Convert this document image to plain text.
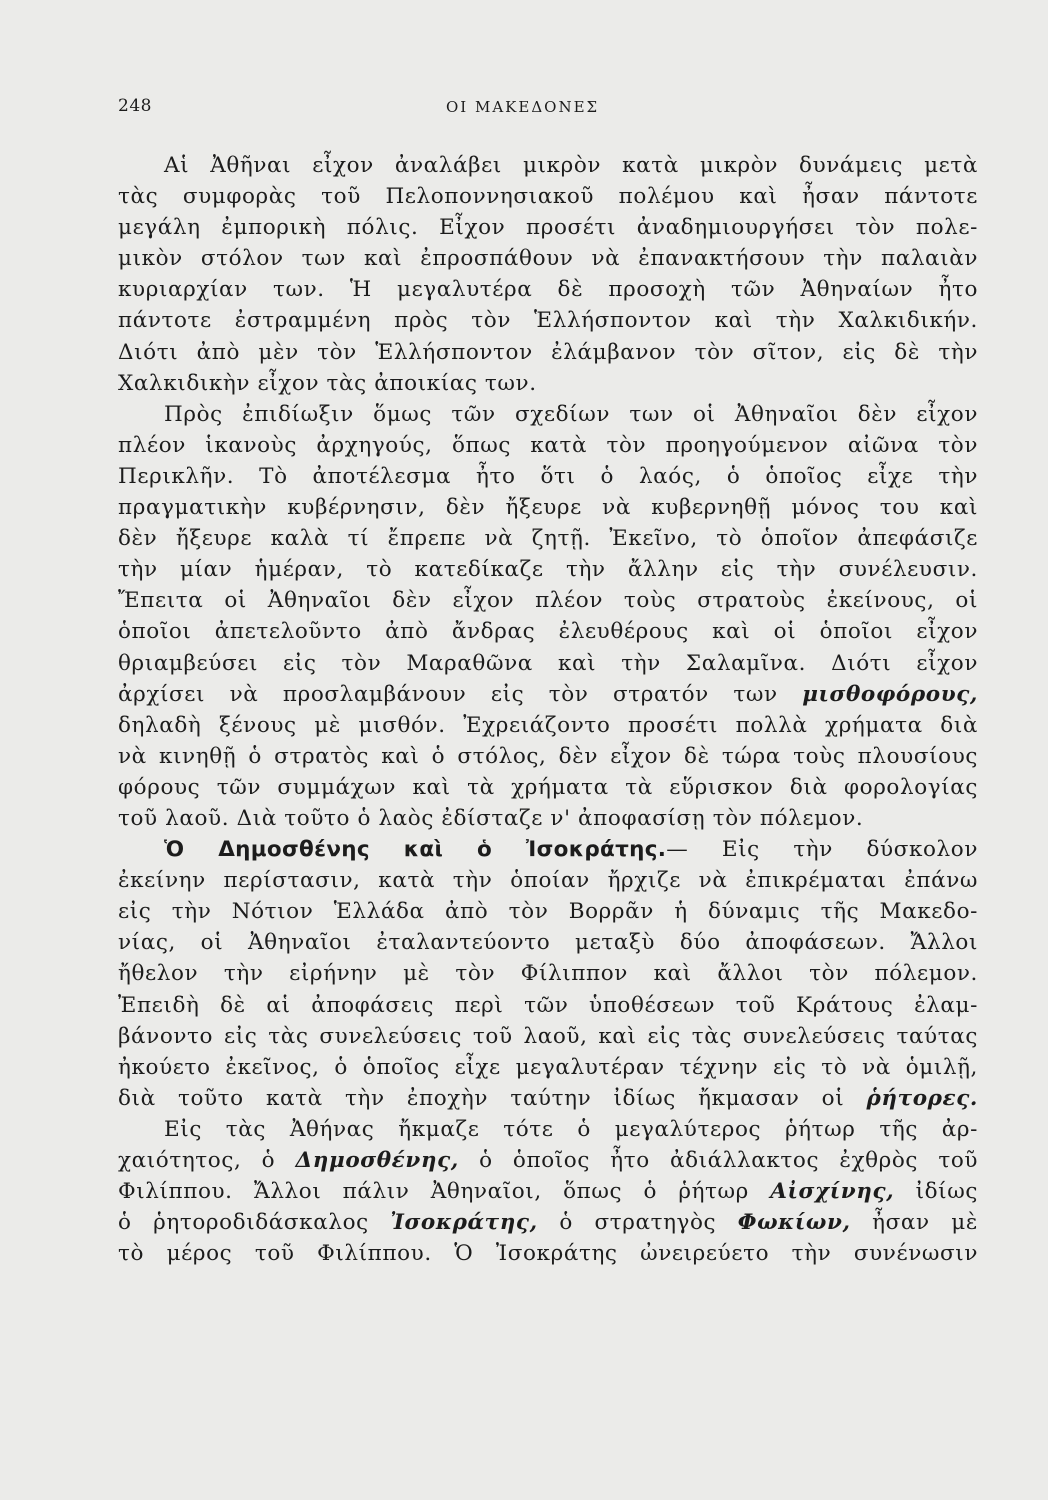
248	ΟΙ ΜΑΚΕΔΟΝΕΣ
Αἱ Ἀθῆναι εἶχον ἀναλάβει μικρὸν κατὰ μικρὸν δυνάμεις μετὰ
τὰς συμφορὰς τοῦ Πελοποννησιακοῦ πολέμου καὶ ἦσαν πάντοτε
μεγάλη ἐμπορικὴ πόλις. Εἶχον προσέτι ἀναδημιουργήσει τὸν πολε-
μικὸν στόλον των καὶ ἐπροσπάθουν νὰ ἐπανακτήσουν τὴν παλαιὰν
κυριαρχίαν των. Ἡ μεγαλυτέρα δὲ προσοχὴ τῶν Ἀθηναίων ἦτο
πάντοτε ἐστραμμένη πρὸς τὸν Ἑλλήσποντον καὶ τὴν Χαλκιδικήν.
Διότι ἀπὸ μὲν τὸν Ἑλλήσποντον ἐλάμβανον τὸν σῖτον, εἰς δὲ τὴν
Χαλκιδικὴν εἶχον τὰς ἀποικίας των.
Πρὸς ἐπιδίωξιν ὅμως τῶν σχεδίων των οἱ Ἀθηναῖοι δὲν εἶχον
πλέον ἱκανοὺς ἀρχηγούς, ὅπως κατὰ τὸν προηγούμενον αἰῶνα τὸν
Περικλῆν. Τὸ ἀποτέλεσμα ἦτο ὅτι ὁ λαός, ὁ ὁποῖος εἶχε τὴν
πραγματικὴν κυβέρνησιν, δὲν ἤξευρε νὰ κυβερνηθῇ μόνος του καὶ
δὲν ἤξευρε καλὰ τί ἔπρεπε νὰ ζητῇ. Ἐκεῖνο, τὸ ὁποῖον ἀπεφάσιζε
τὴν μίαν ἡμέραν, τὸ κατεδίκαζε τὴν ἄλλην εἰς τὴν συνέλευσιν.
Ἔπειτα οἱ Ἀθηναῖοι δὲν εἶχον πλέον τοὺς στρατοὺς ἐκείνους, οἱ
ὁποῖοι ἀπετελοῦντο ἀπὸ ἄνδρας ἐλευθέρους καὶ οἱ ὁποῖοι εἶχον
θριαμβεύσει εἰς τὸν Μαραθῶνα καὶ τὴν Σαλαμῖνα. Διότι εἶχον
ἀρχίσει νὰ προσλαμβάνουν εἰς τὸν στρατόν των μισθοφόρους,
δηλαδὴ ξένους μὲ μισθόν. Ἐχρειάζοντο προσέτι πολλὰ χρήματα διὰ
νὰ κινηθῇ ὁ στρατὸς καὶ ὁ στόλος, δὲν εἶχον δὲ τώρα τοὺς πλουσίους
φόρους τῶν συμμάχων καὶ τὰ χρήματα τὰ εὕρισκον διὰ φορολογίας
τοῦ λαοῦ. Διὰ τοῦτο ὁ λαὸς ἐδίσταζε ν' ἀποφασίσῃ τὸν πόλεμον.
Ὁ Δημοσθένης καὶ ὁ Ἰσοκράτης.— Εἰς τὴν δύσκολον
ἐκείνην περίστασιν, κατὰ τὴν ὁποίαν ἤρχιζε νὰ ἐπικρέμαται ἐπάνω
εἰς τὴν Νότιον Ἑλλάδα ἀπὸ τὸν Βορρᾶν ἡ δύναμις τῆς Μακεδο-
νίας, οἱ Ἀθηναῖοι ἐταλαντεύοντο μεταξὺ δύο ἀποφάσεων. Ἄλλοι
ἤθελον τὴν εἰρήνην μὲ τὸν Φίλιππον καὶ ἄλλοι τὸν πόλεμον.
Ἐπειδὴ δὲ αἱ ἀποφάσεις περὶ τῶν ὑποθέσεων τοῦ Κράτους ἐλαμ-
βάνοντο εἰς τὰς συνελεύσεις τοῦ λαοῦ, καὶ εἰς τὰς συνελεύσεις ταύτας
ἠκούετο ἐκεῖνος, ὁ ὁποῖος εἶχε μεγαλυτέραν τέχνην εἰς τὸ νὰ ὁμιλῇ,
διὰ τοῦτο κατὰ τὴν ἐποχὴν ταύτην ἰδίως ἤκμασαν οἱ ῥήτορες.
Εἰς τὰς Ἀθήνας ἤκμαζε τότε ὁ μεγαλύτερος ῥήτωρ τῆς ἀρ-
χαιότητος, ὁ Δημοσθένης, ὁ ὁποῖος ἦτο ἀδιάλλακτος ἐχθρὸς τοῦ
Φιλίππου. Ἄλλοι πάλιν Ἀθηναῖοι, ὅπως ὁ ῥήτωρ Αἰσχίνης, ἰδίως
ὁ ῥητοροδιδάσκαλος Ἰσοκράτης, ὁ στρατηγὸς Φωκίων, ἦσαν μὲ
τὸ μέρος τοῦ Φιλίππου. Ὁ Ἰσοκράτης ὠνειρεύετο τὴν συνένωσιν
